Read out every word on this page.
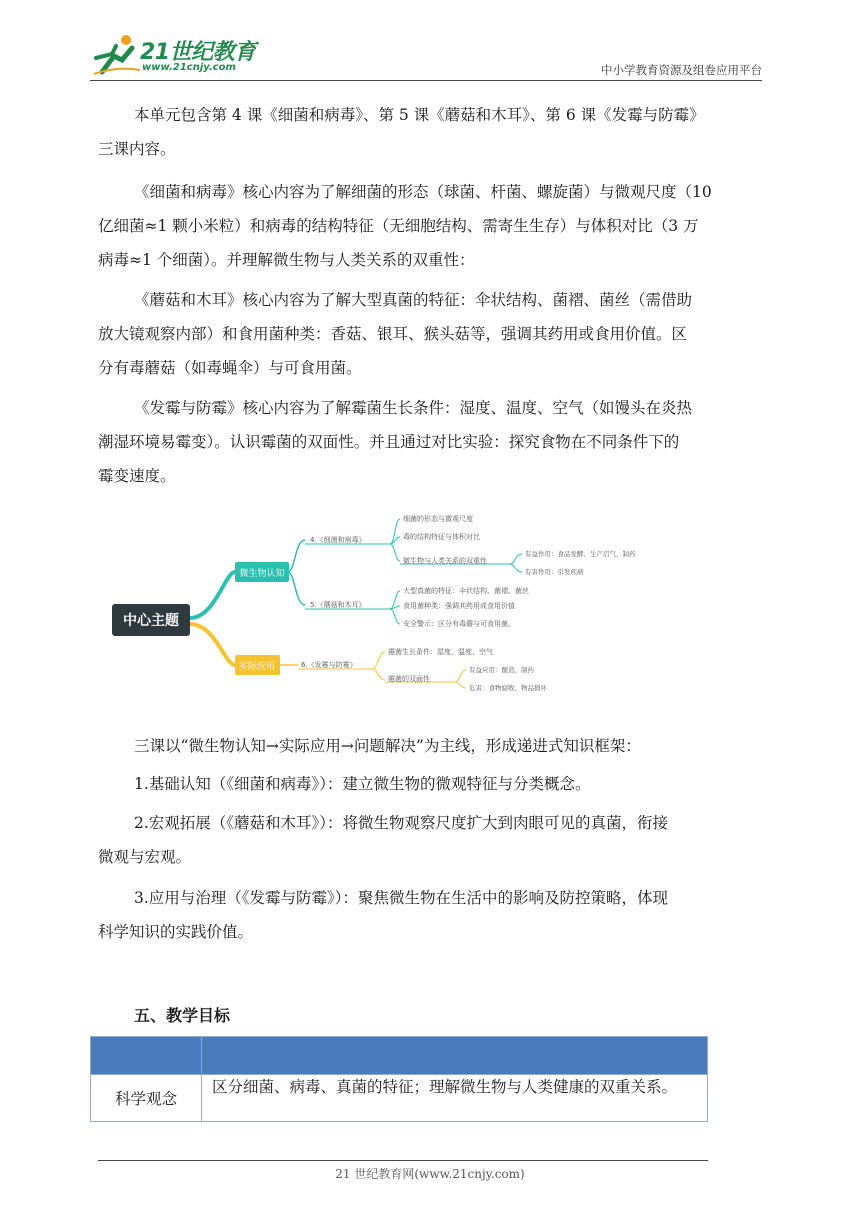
21世纪教育
www.21cnjy.com	中小学教育资源及组卷应用平台
本单元包含第 4 课《细菌和病毒》、第 5 课《蘑菇和木耳》、第 6 课《发霉与防霉》
三课内容。
《细菌和病毒》核心内容为了解细菌的形态（球菌、杆菌、螺旋菌）与微观尺度（10
亿细菌≈1 颗小米粒）和病毒的结构特征（无细胞结构、需寄生生存）与体积对比（3 万
病毒≈1 个细菌）。并理解微生物与人类关系的双重性：
《蘑菇和木耳》核心内容为了解大型真菌的特征：伞状结构、菌褶、菌丝（需借助
放大镜观察内部）和食用菌种类：香菇、银耳、猴头菇等，强调其药用或食用价值。区
分有毒蘑菇（如毒蝇伞）与可食用菌。
《发霉与防霉》核心内容为了解霉菌生长条件：湿度、温度、空气（如馒头在炎热
潮湿环境易霉变）。认识霉菌的双面性。并且通过对比实验：探究食物在不同条件下的
霉变速度。
中心主题
微生物认知
实际应用
4.《细菌和病毒》
5.《蘑菇和木耳》
6.《发霉与防霉》
细菌的形态与微观尺度
毒的结构特征与体积对比
微生物与人类关系的双重性
有益作用：食品发酵、生产沼气、制药
有害作用：引发疾病
大型真菌的特征：伞状结构、菌褶、菌丝
食用菌种类：强调其药用或食用价值
安全警示：区分有毒蘑与可食用菌。
霉菌生长条件：湿度、温度、空气
霉菌的双面性
有益应用：酿造、制药
危害：食物腐败、物品损坏
三课以“微生物认知→实际应用→问题解决”为主线，形成递进式知识框架：
1.基础认知（《细菌和病毒》）：建立微生物的微观特征与分类概念。
2.宏观拓展（《蘑菇和木耳》）：将微生物观察尺度扩大到肉眼可见的真菌，衔接
微观与宏观。
3.应用与治理（《发霉与防霉》）：聚焦微生物在生活中的影响及防控策略，体现
科学知识的实践价值。
五、教学目标

科学观念	区分细菌、病毒、真菌的特征；理解微生物与人类健康的双重关系。
21 世纪教育网(www.21cnjy.com)
